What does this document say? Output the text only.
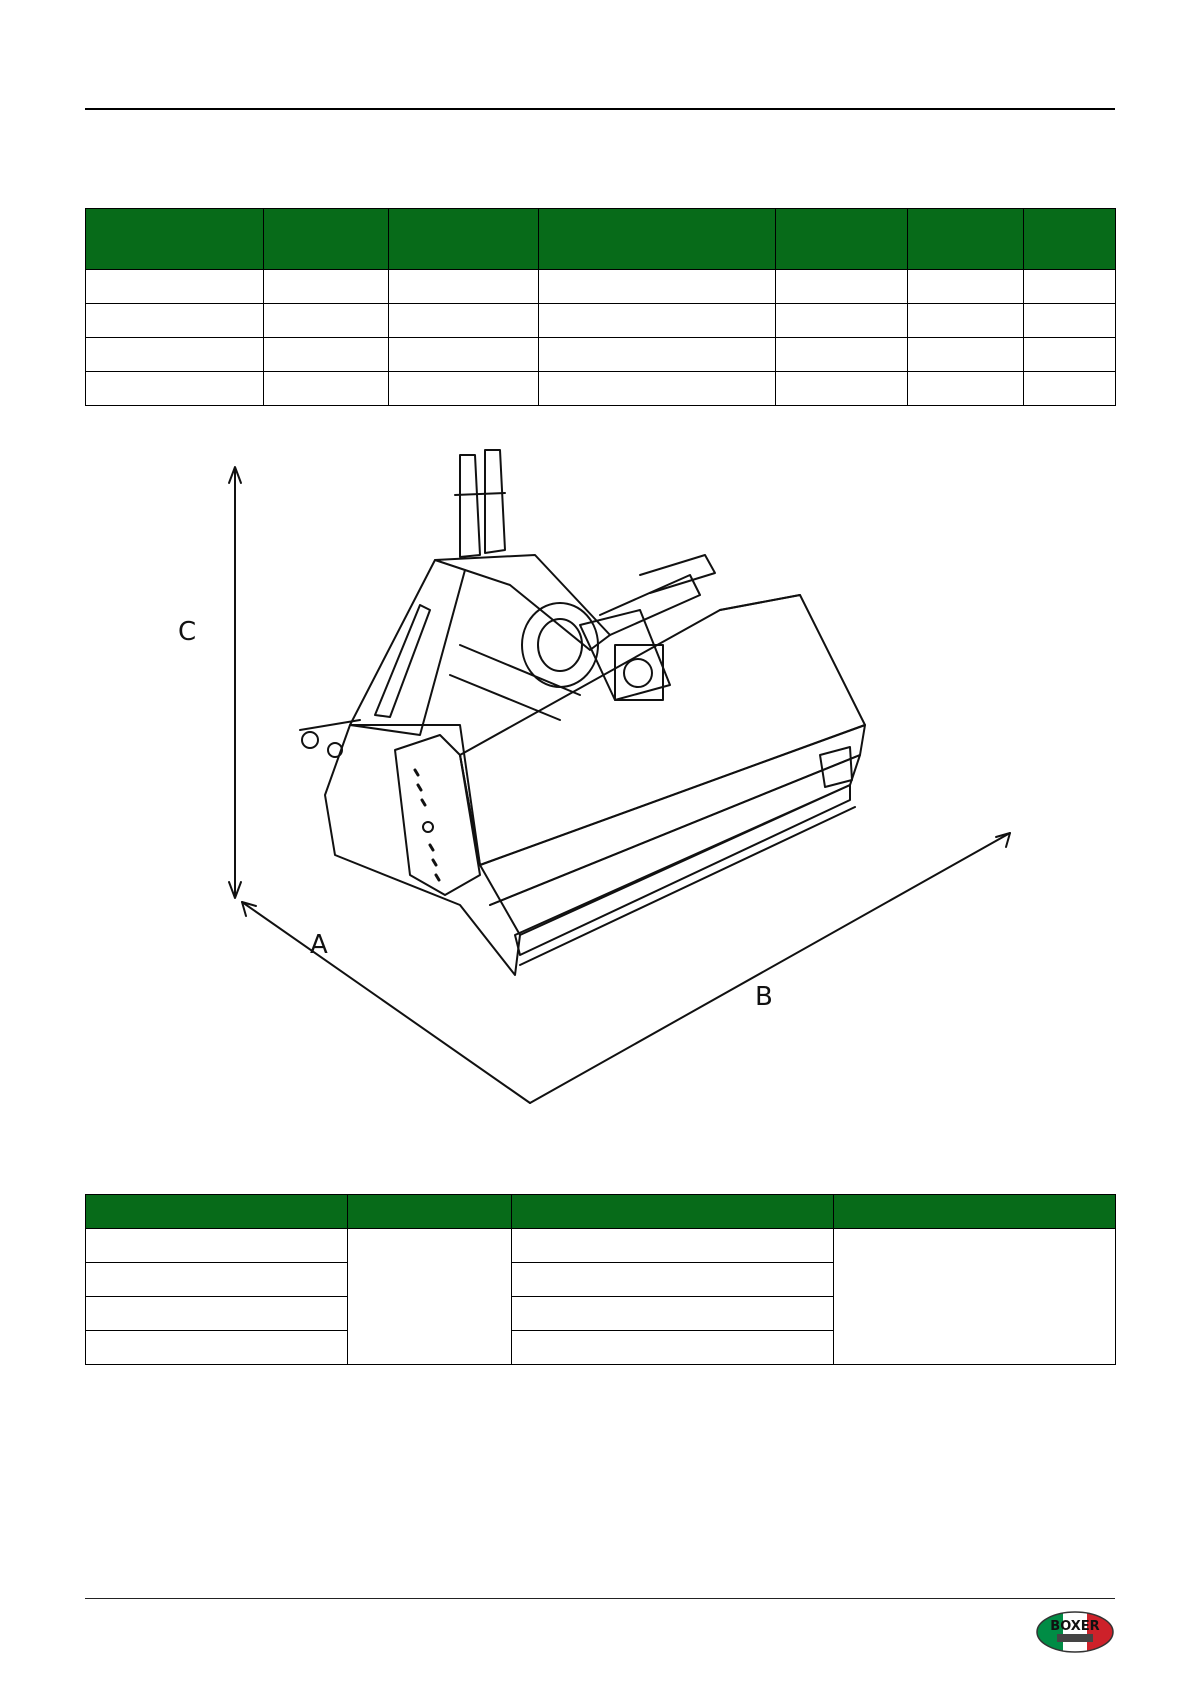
C
A
B

BOXER
